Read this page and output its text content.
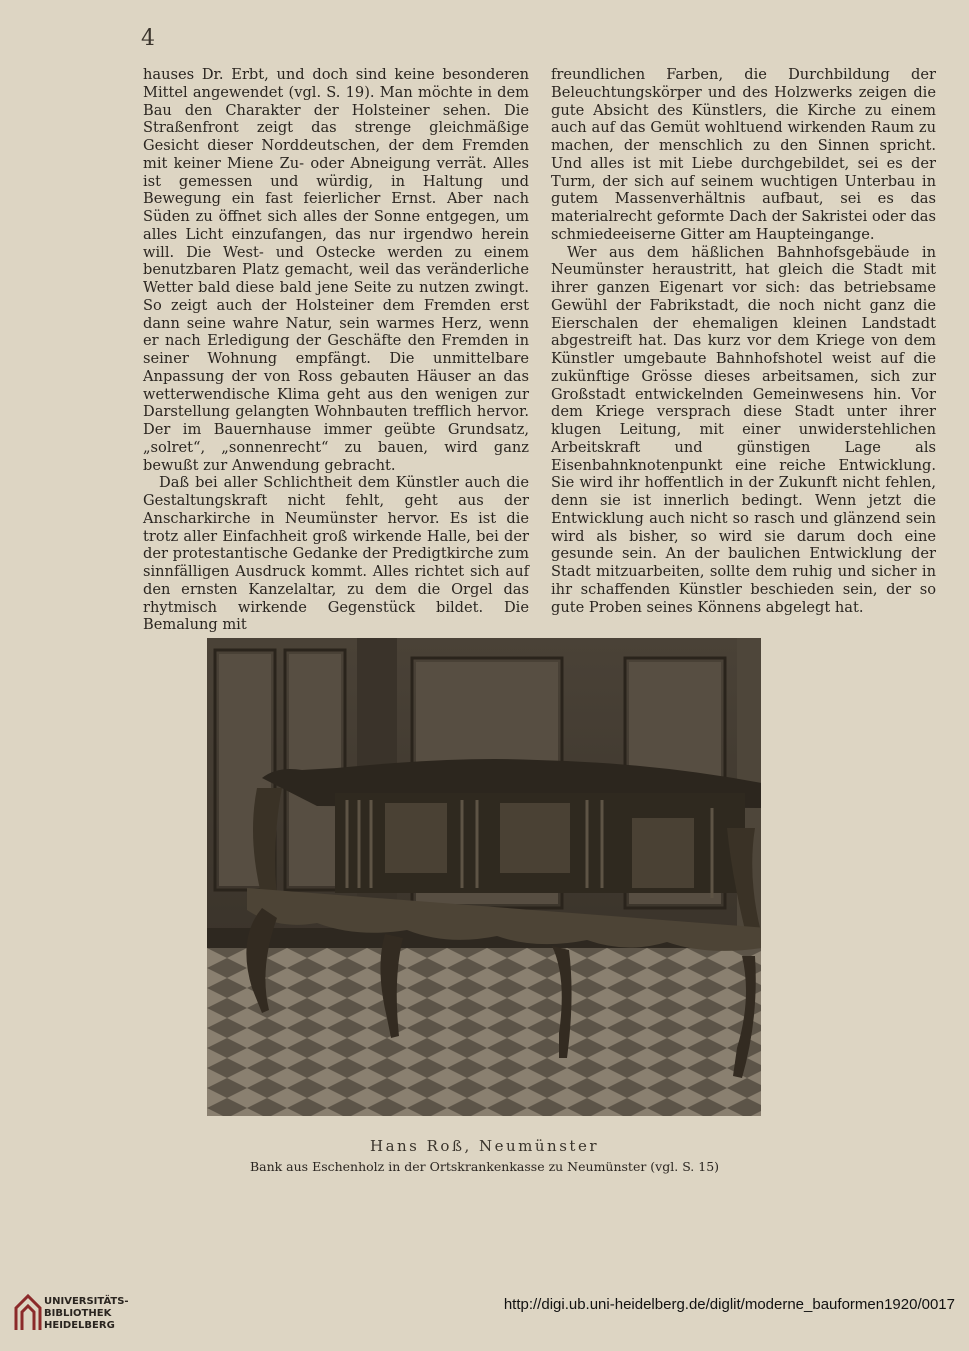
4

hauses Dr. Erbt, und doch sind keine besonderen Mittel angewendet (vgl. S. 19). Man möchte in dem Bau den Charakter der Holsteiner sehen. Die Straßenfront zeigt das strenge gleichmäßige Gesicht dieser Norddeutschen, der dem Fremden mit keiner Miene Zu- oder Abneigung verrät. Alles ist gemessen und würdig, in Haltung und Bewegung ein fast feierlicher Ernst. Aber nach Süden zu öffnet sich alles der Sonne entgegen, um alles Licht einzufangen, das nur irgendwo herein will. Die West- und Ostecke werden zu einem benutzbaren Platz gemacht, weil das veränderliche Wetter bald diese bald jene Seite zu nutzen zwingt. So zeigt auch der Holsteiner dem Fremden erst dann seine wahre Natur, sein warmes Herz, wenn er nach Erledigung der Geschäfte den Fremden in seiner Wohnung empfängt. Die unmittelbare Anpassung der von Ross gebauten Häuser an das wetterwendische Klima geht aus den wenigen zur Darstellung gelangten Wohnbauten trefflich hervor. Der im Bauernhause immer geübte Grundsatz, „solret“, „sonnenrecht“ zu bauen, wird ganz bewußt zur Anwendung gebracht.

Daß bei aller Schlichtheit dem Künstler auch die Gestaltungskraft nicht fehlt, geht aus der Anscharkirche in Neumünster hervor. Es ist die trotz aller Einfachheit groß wirkende Halle, bei der der protestantische Gedanke der Predigtkirche zum sinnfälligen Ausdruck kommt. Alles richtet sich auf den ernsten Kanzelaltar, zu dem die Orgel das rhytmisch wirkende Gegenstück bildet. Die Bemalung mit

freundlichen Farben, die Durchbildung der Beleuchtungskörper und des Holzwerks zeigen die gute Absicht des Künstlers, die Kirche zu einem auch auf das Gemüt wohltuend wirkenden Raum zu machen, der menschlich zu den Sinnen spricht. Und alles ist mit Liebe durchgebildet, sei es der Turm, der sich auf seinem wuchtigen Unterbau in gutem Massenverhältnis aufbaut, sei es das materialrecht geformte Dach der Sakristei oder das schmiedeeiserne Gitter am Haupteingange.

Wer aus dem häßlichen Bahnhofsgebäude in Neumünster heraustritt, hat gleich die Stadt mit ihrer ganzen Eigenart vor sich: das betriebsame Gewühl der Fabrikstadt, die noch nicht ganz die Eierschalen der ehemaligen kleinen Landstadt abgestreift hat. Das kurz vor dem Kriege von dem Künstler umgebaute Bahnhofshotel weist auf die zukünftige Grösse dieses arbeitsamen, sich zur Großstadt entwickelnden Gemeinwesens hin. Vor dem Kriege versprach diese Stadt unter ihrer klugen Leitung, mit einer unwiderstehlichen Arbeitskraft und günstigen Lage als Eisenbahnknotenpunkt eine reiche Entwicklung. Sie wird ihr hoffentlich in der Zukunft nicht fehlen, denn sie ist innerlich bedingt. Wenn jetzt die Entwicklung auch nicht so rasch und glänzend sein wird als bisher, so wird sie darum doch eine gesunde sein. An der baulichen Entwicklung der Stadt mitzuarbeiten, sollte dem ruhig und sicher in ihr schaffenden Künstler beschieden sein, der so gute Proben seines Könnens abgelegt hat.

Hans Roß, Neumünster
Bank aus Eschenholz in der Ortskrankenkasse zu Neumünster (vgl. S. 15)
UNIVERSITÄTS-
BIBLIOTHEK
HEIDELBERG
http://digi.ub.uni-heidelberg.de/diglit/moderne_bauformen1920/0017
